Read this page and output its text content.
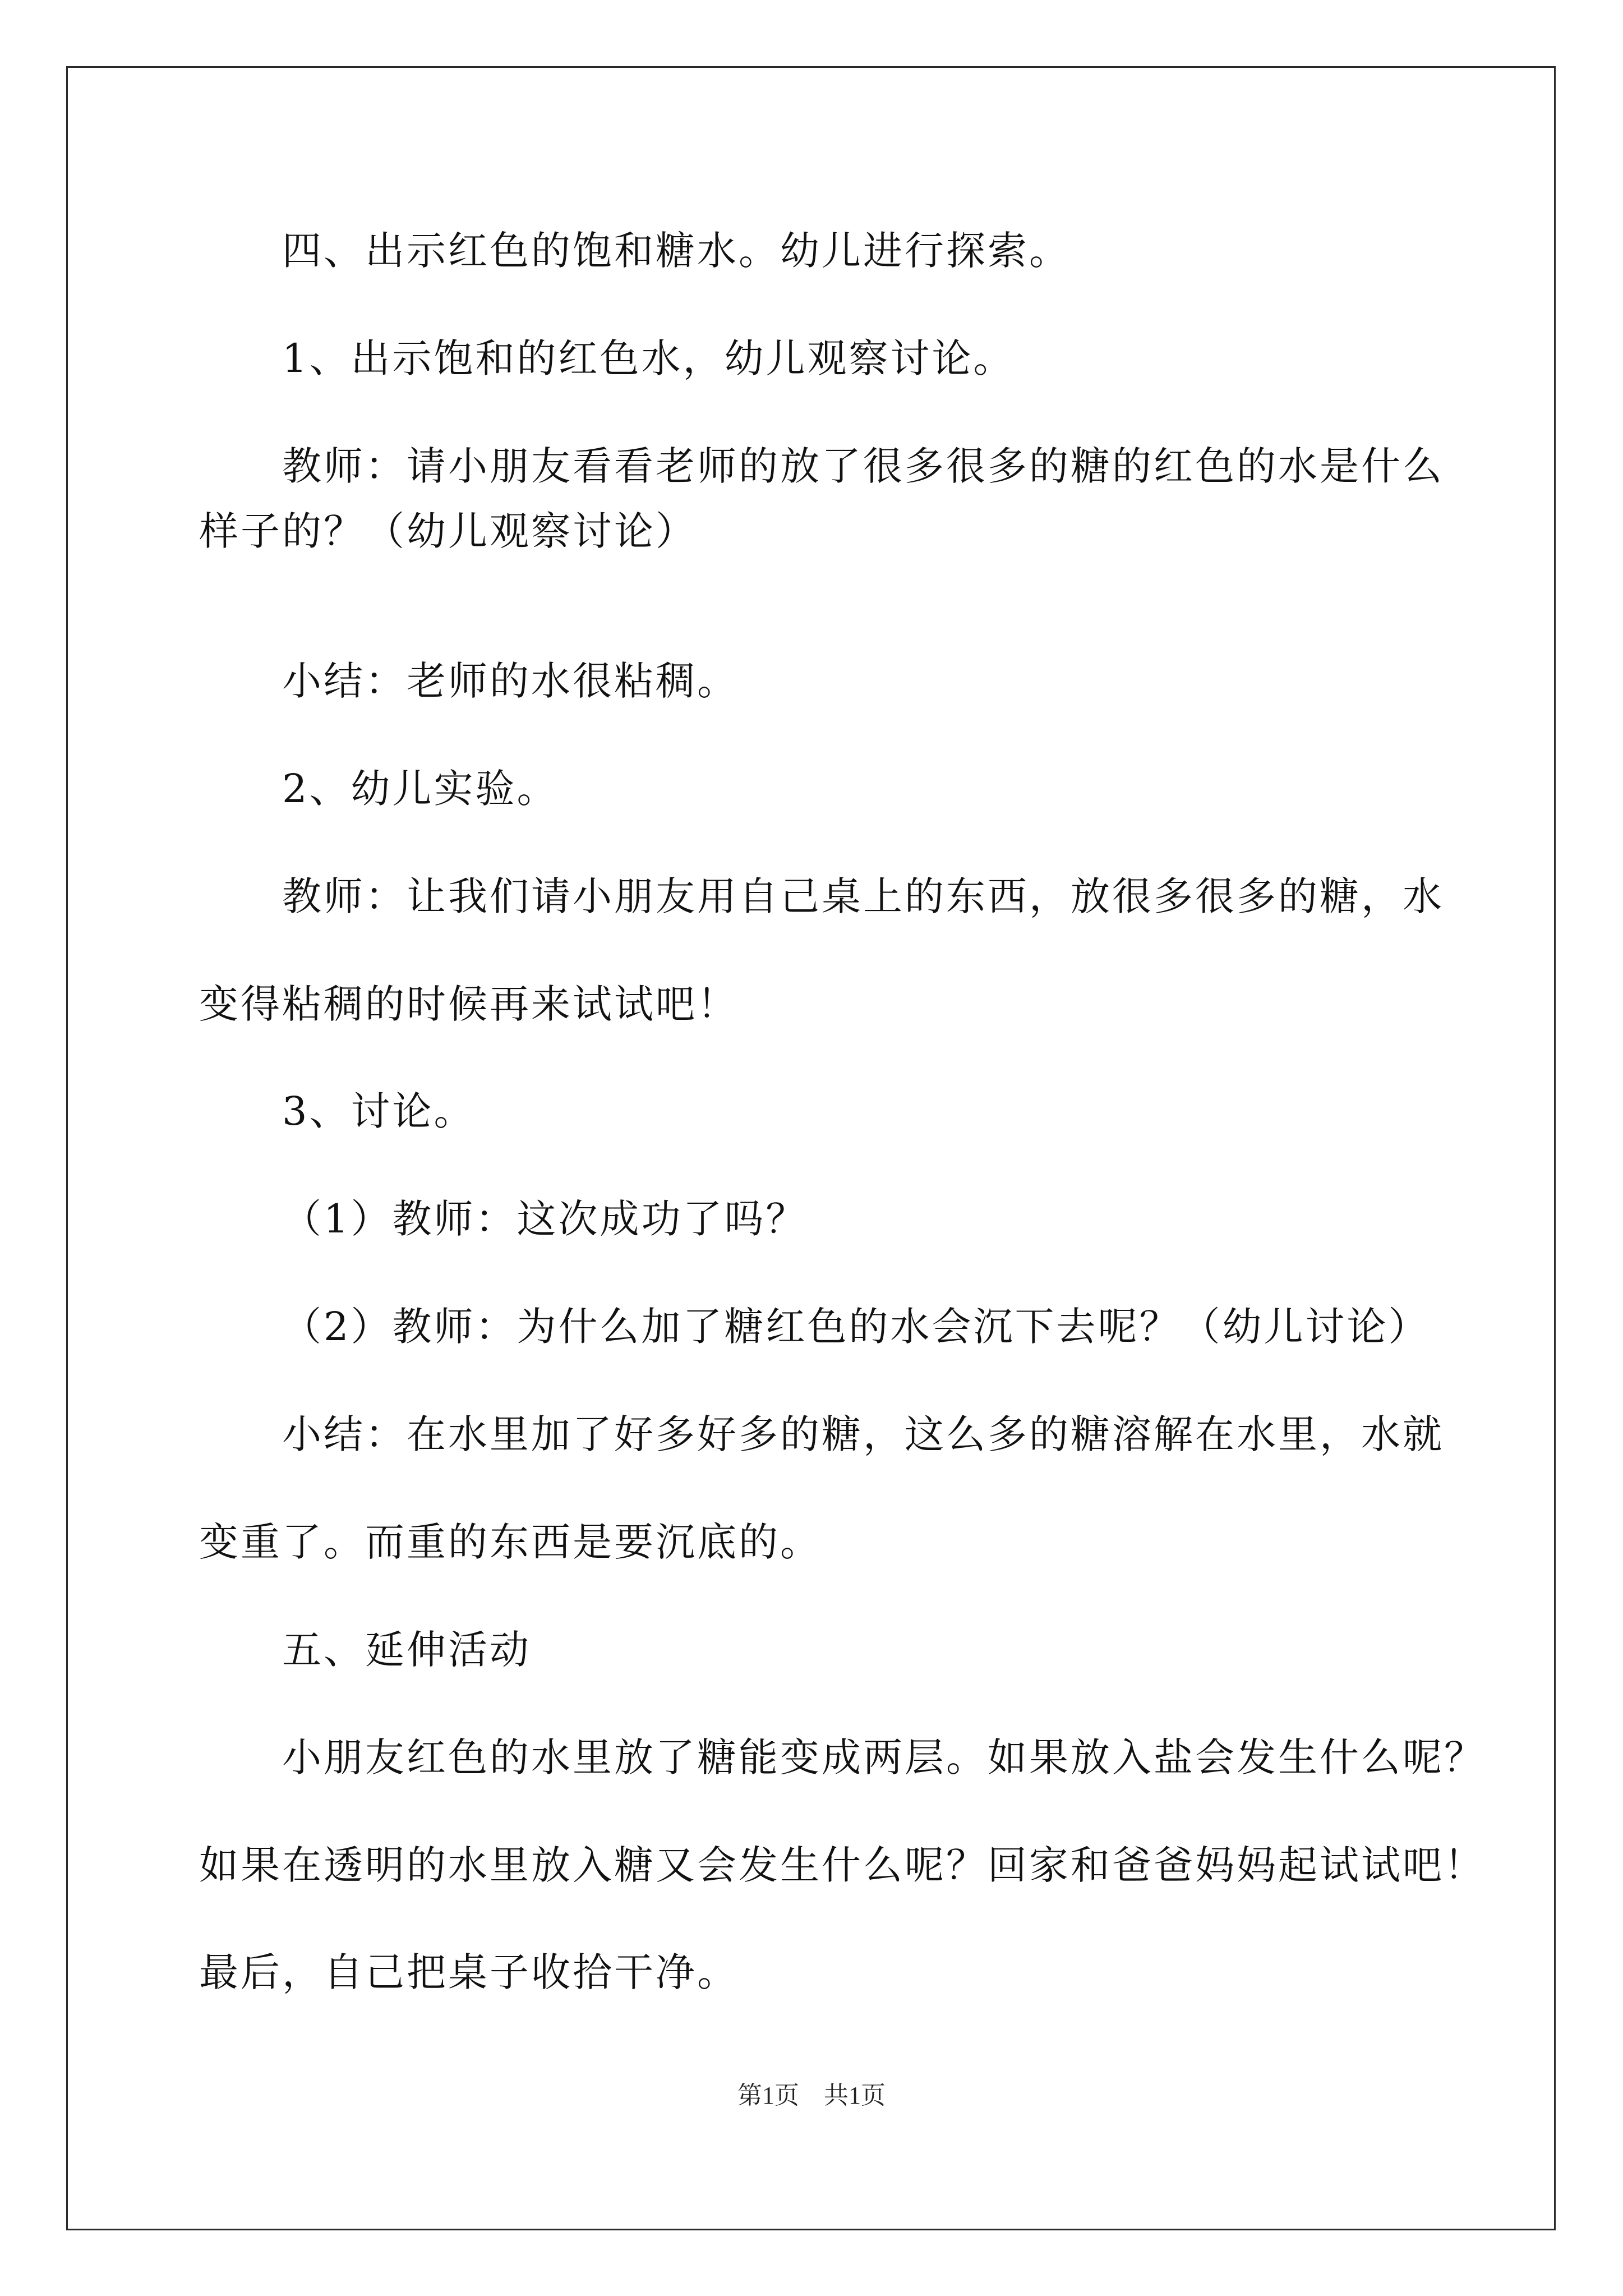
四、出示红色的饱和糖水。幼儿进行探索。
1、出示饱和的红色水，幼儿观察讨论。
教师：请小朋友看看老师的放了很多很多的糖的红色的水是什么
样子的？（幼儿观察讨论）
小结：老师的水很粘稠。
2、幼儿实验。
教师：让我们请小朋友用自己桌上的东西，放很多很多的糖，水
变得粘稠的时候再来试试吧！
3、讨论。
（1）教师：这次成功了吗？
（2）教师：为什么加了糖红色的水会沉下去呢？（幼儿讨论）
小结：在水里加了好多好多的糖，这么多的糖溶解在水里，水就
变重了。而重的东西是要沉底的。
五、延伸活动
小朋友红色的水里放了糖能变成两层。如果放入盐会发生什么呢？
如果在透明的水里放入糖又会发生什么呢？回家和爸爸妈妈起试试吧！
最后，自己把桌子收拾干净。
第1页　共1页
